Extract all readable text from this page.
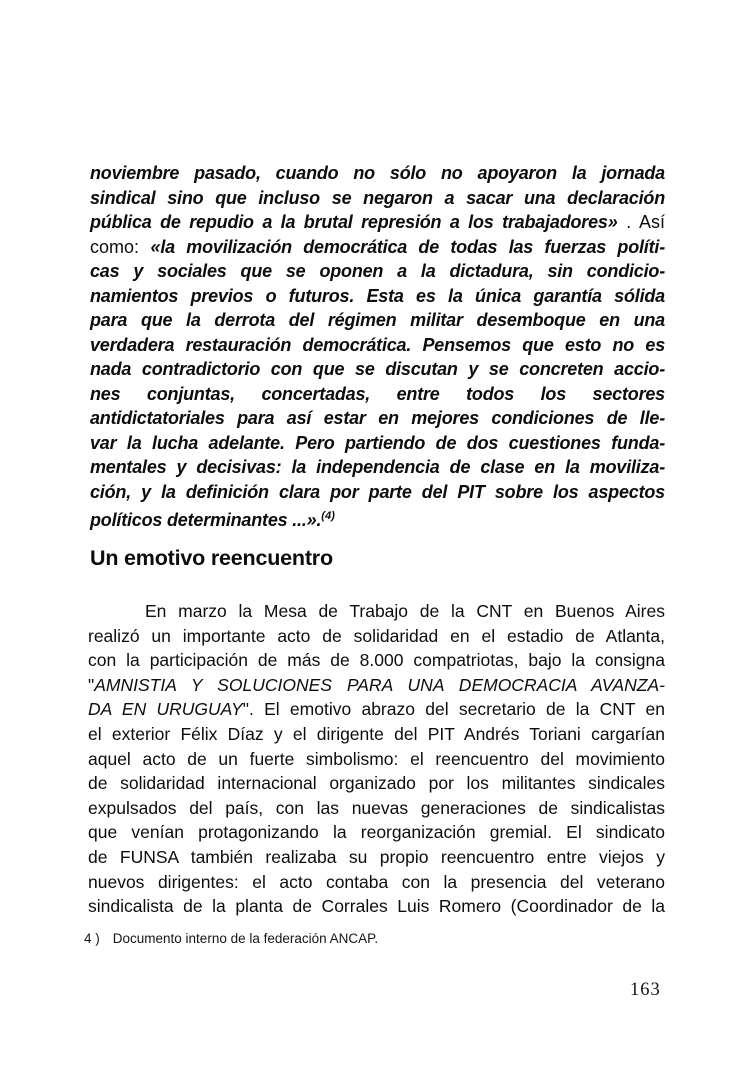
noviembre pasado, cuando no sólo no apoyaron la jornada
sindical sino que incluso se negaron a sacar una declaración
pública de repudio a la brutal represión a los trabajadores» . Así
como: «la movilización democrática de todas las fuerzas políti-
cas y sociales que se oponen a la dictadura, sin condicio-
namientos previos o futuros. Esta es la única garantía sólida
para que la derrota del régimen militar desemboque en una
verdadera restauración democrática. Pensemos que esto no es
nada contradictorio con que se discutan y se concreten accio-
nes conjuntas, concertadas, entre todos los sectores
antidictatoriales para así estar en mejores condiciones de lle-
var la lucha adelante. Pero partiendo de dos cuestiones funda-
mentales y decisivas: la independencia de clase en la moviliza-
ción, y la definición clara por parte del PIT sobre los aspectos
políticos determinantes ...».$^{(4)}$
Un emotivo reencuentro
En marzo la Mesa de Trabajo de la CNT en Buenos Aires
realizó un importante acto de solidaridad en el estadio de Atlanta,
con la participación de más de 8.000 compatriotas, bajo la consigna
"AMNISTIA Y SOLUCIONES PARA UNA DEMOCRACIA AVANZA-
DA EN URUGUAY". El emotivo abrazo del secretario de la CNT en
el exterior Félix Díaz y el dirigente del PIT Andrés Toriani cargarían
aquel acto de un fuerte simbolismo: el reencuentro del movimiento
de solidaridad internacional organizado por los militantes sindicales
expulsados del país, con las nuevas generaciones de sindicalistas
que venían protagonizando la reorganización gremial. El sindicato
de FUNSA también realizaba su propio reencuentro entre viejos y
nuevos dirigentes: el acto contaba con la presencia del veterano
sindicalista de la planta de Corrales Luis Romero (Coordinador de la
4 ) Documento interno de la federación ANCAP.
163
